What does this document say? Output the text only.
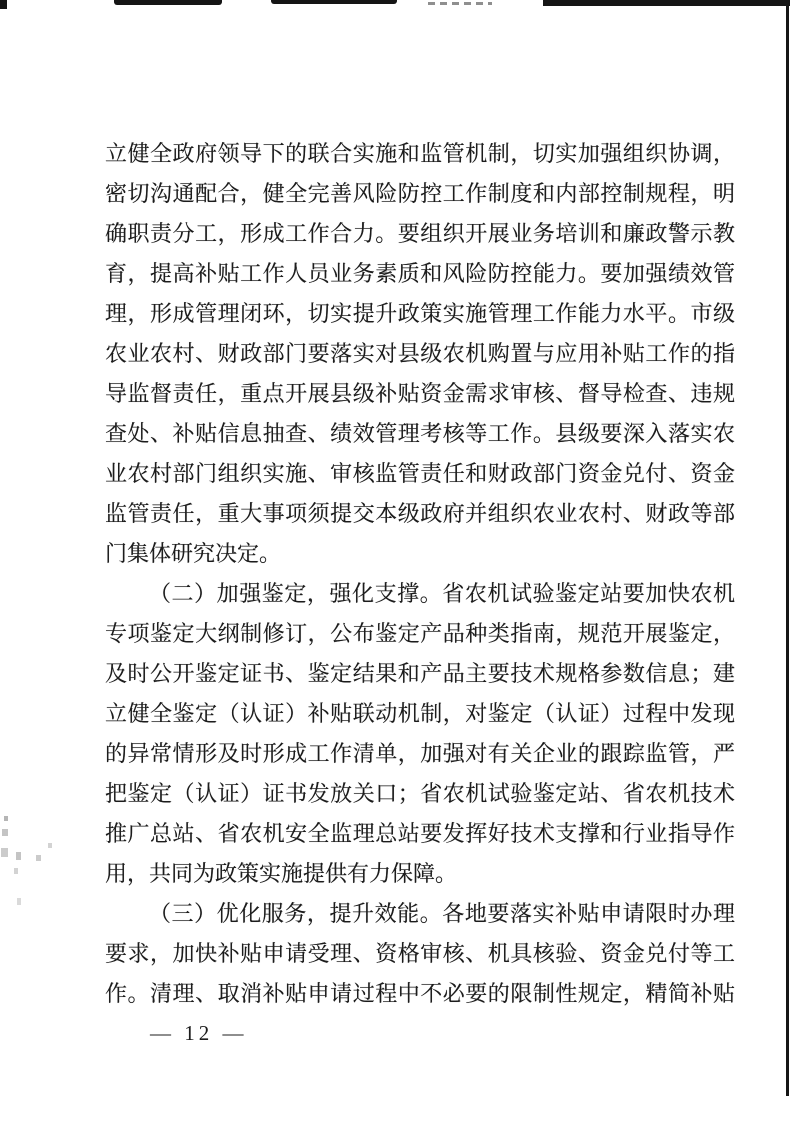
立健全政府领导下的联合实施和监管机制，切实加强组织协调，
密切沟通配合，健全完善风险防控工作制度和内部控制规程，明
确职责分工，形成工作合力。要组织开展业务培训和廉政警示教
育，提高补贴工作人员业务素质和风险防控能力。要加强绩效管
理，形成管理闭环，切实提升政策实施管理工作能力水平。市级
农业农村、财政部门要落实对县级农机购置与应用补贴工作的指
导监督责任，重点开展县级补贴资金需求审核、督导检查、违规
查处、补贴信息抽查、绩效管理考核等工作。县级要深入落实农
业农村部门组织实施、审核监管责任和财政部门资金兑付、资金
监管责任，重大事项须提交本级政府并组织农业农村、财政等部
门集体研究决定。
（二）加强鉴定，强化支撑。省农机试验鉴定站要加快农机
专项鉴定大纲制修订，公布鉴定产品种类指南，规范开展鉴定，
及时公开鉴定证书、鉴定结果和产品主要技术规格参数信息；建
立健全鉴定（认证）补贴联动机制，对鉴定（认证）过程中发现
的异常情形及时形成工作清单，加强对有关企业的跟踪监管，严
把鉴定（认证）证书发放关口；省农机试验鉴定站、省农机技术
推广总站、省农机安全监理总站要发挥好技术支撑和行业指导作
用，共同为政策实施提供有力保障。
（三）优化服务，提升效能。各地要落实补贴申请限时办理
要求，加快补贴申请受理、资格审核、机具核验、资金兑付等工
作。清理、取消补贴申请过程中不必要的限制性规定，精简补贴
— 12 —
